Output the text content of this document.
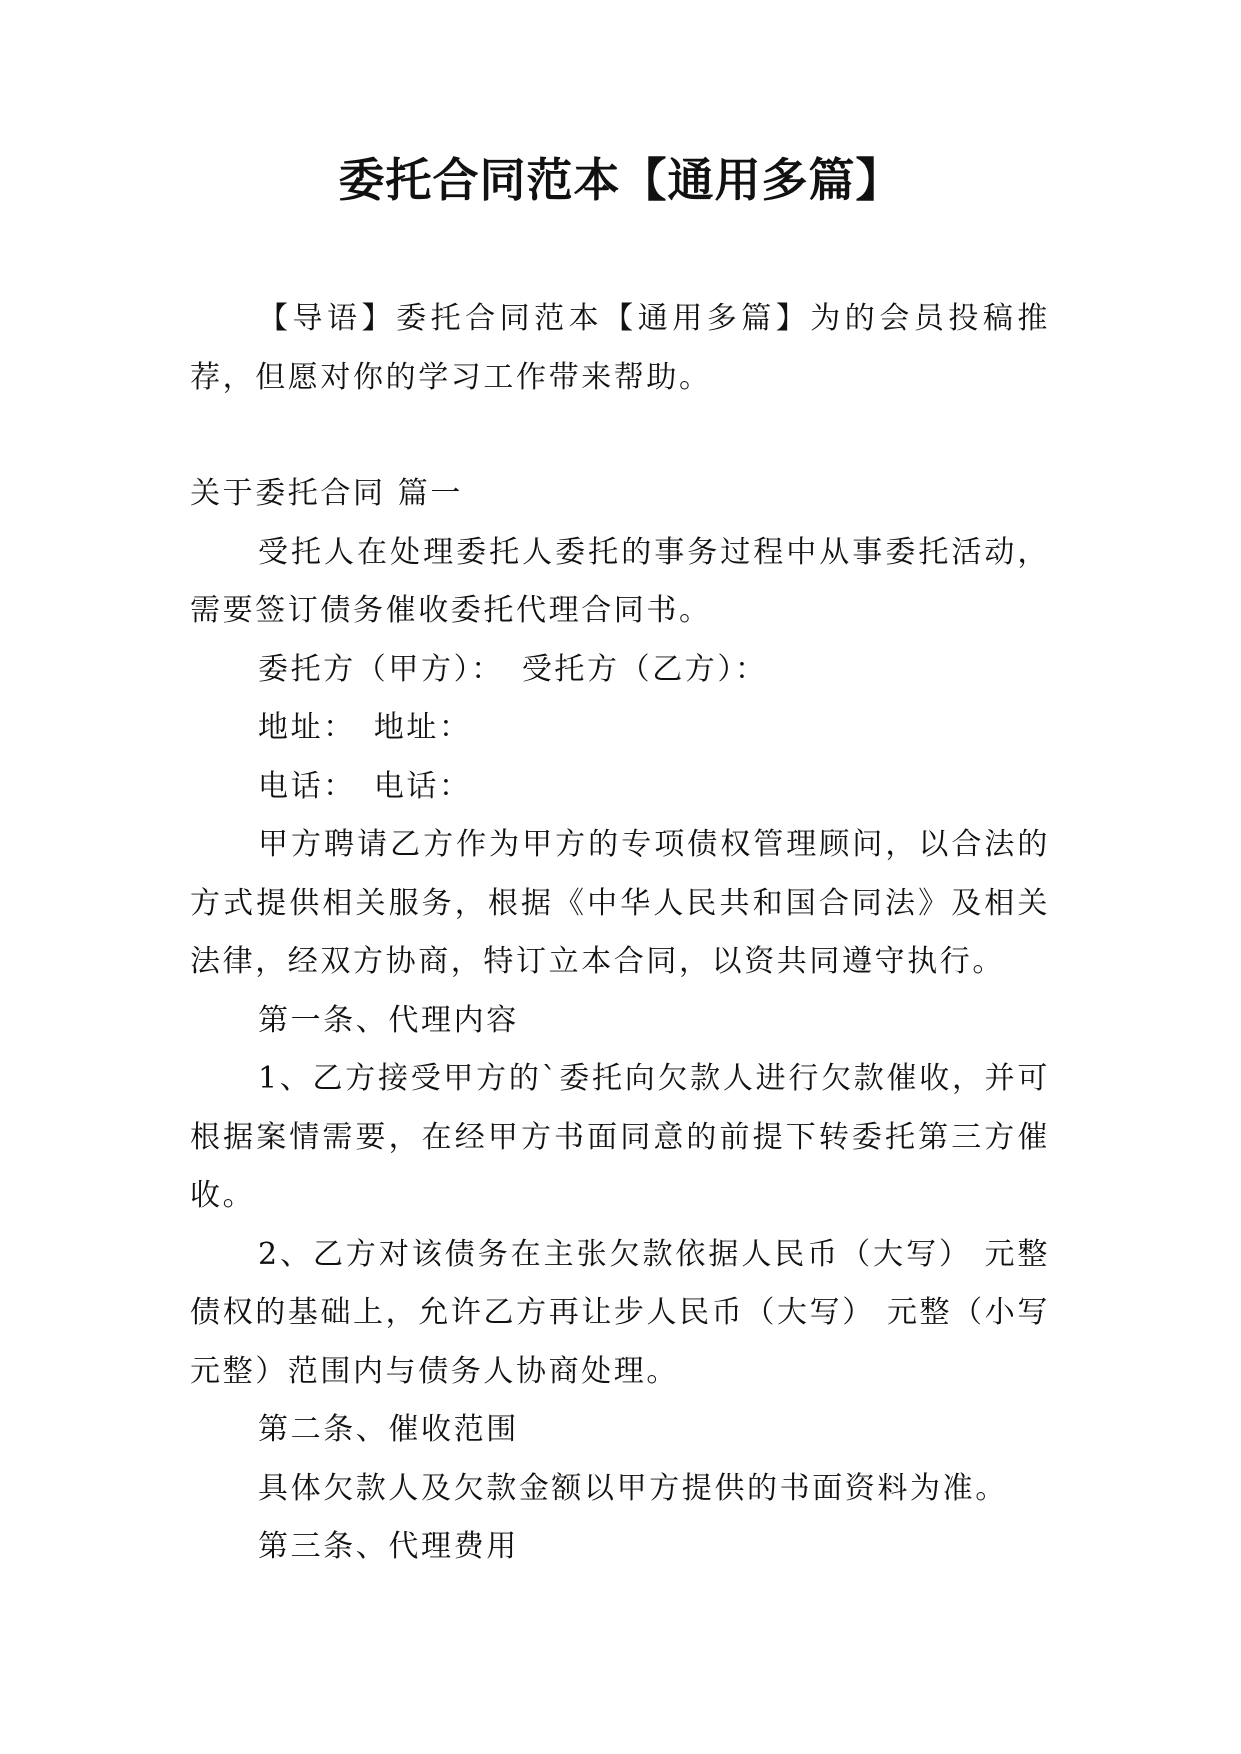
委托合同范本【通用多篇】

【导语】委托合同范本【通用多篇】为的会员投稿推荐，但愿对你的学习工作带来帮助。

关于委托合同 篇一

受托人在处理委托人委托的事务过程中从事委托活动，需要签订债务催收委托代理合同书。

委托方（甲方）： 受托方（乙方）：

地址： 地址：

电话： 电话：

甲方聘请乙方作为甲方的专项债权管理顾问，以合法的方式提供相关服务，根据《中华人民共和国合同法》及相关法律，经双方协商，特订立本合同，以资共同遵守执行。

第一条、代理内容

1、乙方接受甲方的`委托向欠款人进行欠款催收，并可根据案情需要，在经甲方书面同意的前提下转委托第三方催收。

2、乙方对该债务在主张欠款依据人民币（大写） 元整债权的基础上，允许乙方再让步人民币（大写） 元整（小写 元整）范围内与债务人协商处理。

第二条、催收范围

具体欠款人及欠款金额以甲方提供的书面资料为准。

第三条、代理费用
